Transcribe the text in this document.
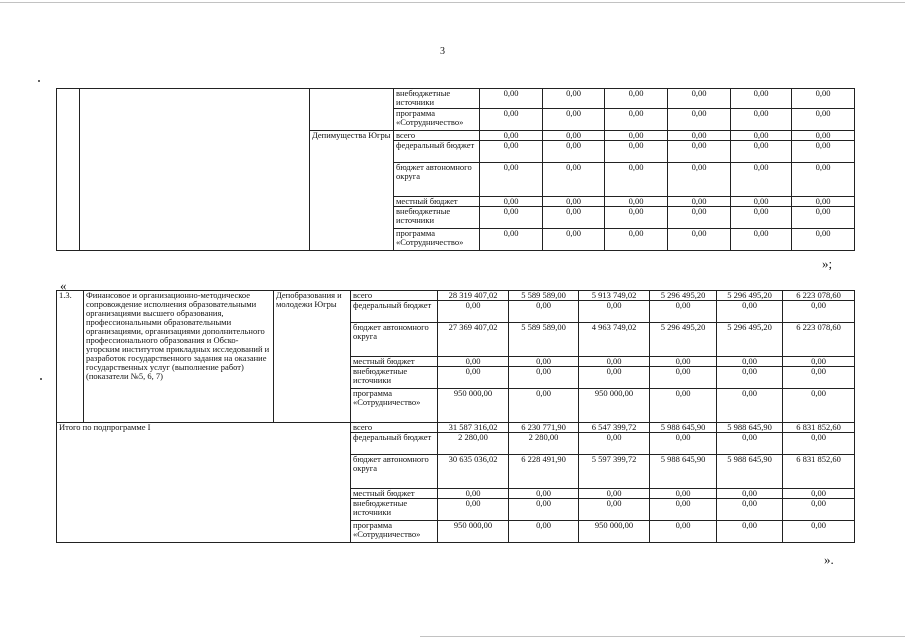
3
			внебюджетные источники	0,00	0,00	0,00	0,00	0,00	0,00
			программа «Сотрудничество»	0,00	0,00	0,00	0,00	0,00	0,00
		Депимущества Югры	всего	0,00	0,00	0,00	0,00	0,00	0,00
			федеральный бюджет	0,00	0,00	0,00	0,00	0,00	0,00
			бюджет автономного округа	0,00	0,00	0,00	0,00	0,00	0,00
			местный бюджет	0,00	0,00	0,00	0,00	0,00	0,00
			внебюджетные источники	0,00	0,00	0,00	0,00	0,00	0,00
			программа «Сотрудничество»	0,00	0,00	0,00	0,00	0,00	0,00
»;
«
1.3.	Финансовое и организационно-методическое сопровождение исполнения образовательными организациями высшего образования, профессиональными образовательными организациями, организациями дополнительного профессионального образования и Обско-угорским институтом прикладных исследований и разработок государственного задания на оказание государственных услуг (выполнение работ) (показатели №5, 6, 7)	Депобразования и молодежи Югры	всего	28 319 407,02	5 589 589,00	5 913 749,02	5 296 495,20	5 296 495,20	6 223 078,60
			федеральный бюджет	0,00	0,00	0,00	0,00	0,00	0,00
			бюджет автономного округа	27 369 407,02	5 589 589,00	4 963 749,02	5 296 495,20	5 296 495,20	6 223 078,60
			местный бюджет	0,00	0,00	0,00	0,00	0,00	0,00
			внебюджетные источники	0,00	0,00	0,00	0,00	0,00	0,00
			программа «Сотрудничество»	950 000,00	0,00	950 000,00	0,00	0,00	0,00
Итого по подпрограмме I			всего	31 587 316,02	6 230 771,90	6 547 399,72	5 988 645,90	5 988 645,90	6 831 852,60
			федеральный бюджет	2 280,00	2 280,00	0,00	0,00	0,00	0,00
			бюджет автономного округа	30 635 036,02	6 228 491,90	5 597 399,72	5 988 645,90	5 988 645,90	6 831 852,60
			местный бюджет	0,00	0,00	0,00	0,00	0,00	0,00
			внебюджетные источники	0,00	0,00	0,00	0,00	0,00	0,00
			программа «Сотрудничество»	950 000,00	0,00	950 000,00	0,00	0,00	0,00
».
